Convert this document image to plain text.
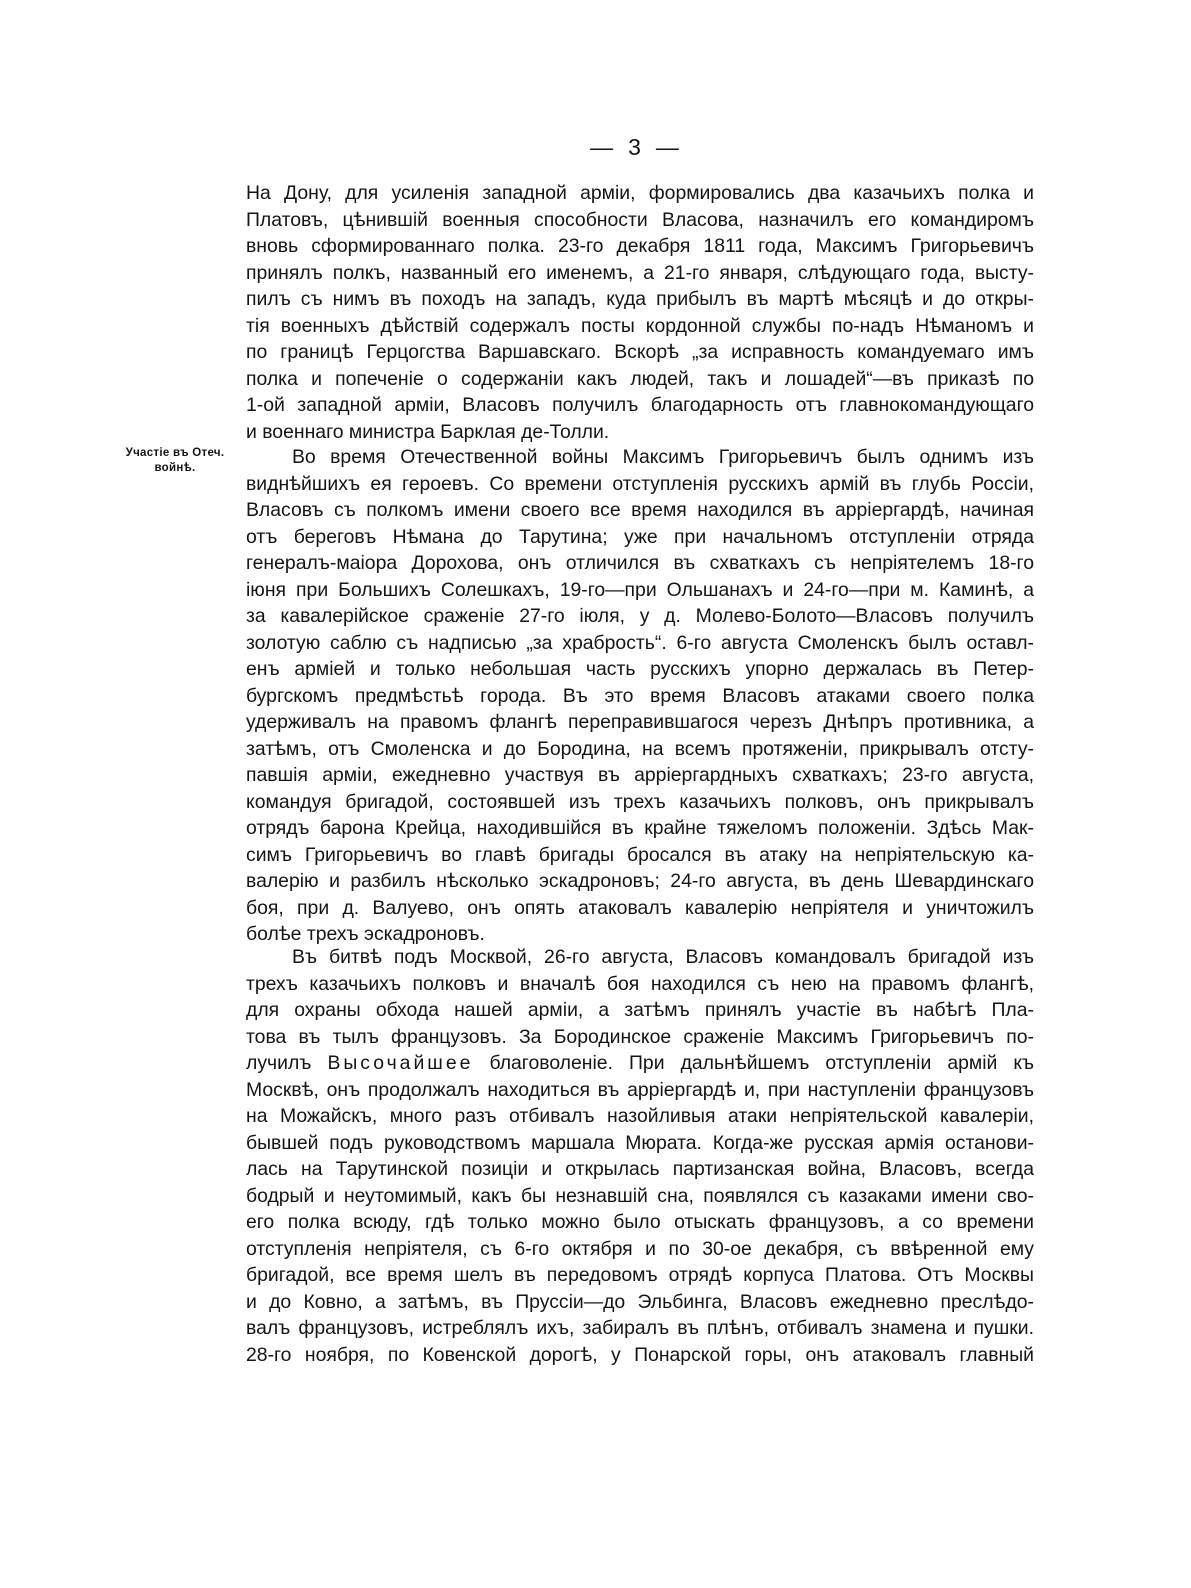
— 3 —
Участіе въ Отеч.
войнѣ.
На Дону, для усиленія западной арміи, формировались два казачьихъ полка и
Платовъ, цѣнившій военныя способности Власова, назначилъ его командиромъ
вновь сформированнаго полка. 23-го декабря 1811 года, Максимъ Григорьевичъ
принялъ полкъ, названный его именемъ, а 21-го января, слѣдующаго года, высту-
пилъ съ нимъ въ походъ на западъ, куда прибылъ въ мартѣ мѣсяцѣ и до откры-
тія военныхъ дѣйствій содержалъ посты кордонной службы по-надъ Нѣманомъ и
по границѣ Герцогства Варшавскаго. Вскорѣ „за исправность командуемаго имъ
полка и попеченіе о содержаніи какъ людей, такъ и лошадей“—въ приказѣ по
1-ой западной арміи, Власовъ получилъ благодарность отъ главнокомандующаго
и военнаго министра Барклая де-Толли.
Во время Отечественной войны Максимъ Григорьевичъ былъ однимъ изъ
виднѣйшихъ ея героевъ. Со времени отступленія русскихъ армій въ глубь Россіи,
Власовъ съ полкомъ имени своего все время находился въ арріергардѣ, начиная
отъ береговъ Нѣмана до Тарутина; уже при начальномъ отступленіи отряда
генералъ-маіора Дорохова, онъ отличился въ схваткахъ съ непріятелемъ 18-го
іюня при Большихъ Солешкахъ, 19-го—при Ольшанахъ и 24-го—при м. Каминѣ, а
за кавалерійское сраженіе 27-го іюля, у д. Молево-Болото—Власовъ получилъ
золотую саблю съ надписью „за храбрость“. 6-го августа Смоленскъ былъ оставл-
енъ арміей и только небольшая часть русскихъ упорно держалась въ Петер-
бургскомъ предмѣстьѣ города. Въ это время Власовъ атаками своего полка
удерживалъ на правомъ флангѣ переправившагося черезъ Днѣпръ противника, а
затѣмъ, отъ Смоленска и до Бородина, на всемъ протяженіи, прикрывалъ отсту-
павшія арміи, ежедневно участвуя въ арріергардныхъ схваткахъ; 23-го августа,
командуя бригадой, состоявшей изъ трехъ казачьихъ полковъ, онъ прикрывалъ
отрядъ барона Крейца, находившійся въ крайне тяжеломъ положеніи. Здѣсь Мак-
симъ Григорьевичъ во главѣ бригады бросался въ атаку на непріятельскую ка-
валерію и разбилъ нѣсколько эскадроновъ; 24-го августа, въ день Шевардинскаго
боя, при д. Валуево, онъ опять атаковалъ кавалерію непріятеля и уничтожилъ
болѣе трехъ эскадроновъ.
Въ битвѣ подъ Москвой, 26-го августа, Власовъ командовалъ бригадой изъ
трехъ казачьихъ полковъ и вначалѣ боя находился съ нею на правомъ флангѣ,
для охраны обхода нашей арміи, а затѣмъ принялъ участіе въ набѣгѣ Пла-
това въ тылъ французовъ. За Бородинское сраженіе Максимъ Григорьевичъ по-
лучилъ Высочайшее благоволеніе. При дальнѣйшемъ отступленіи армій къ
Москвѣ, онъ продолжалъ находиться въ арріергардѣ и, при наступленіи французовъ
на Можайскъ, много разъ отбивалъ назойливыя атаки непріятельской кавалеріи,
бывшей подъ руководствомъ маршала Мюрата. Когда-же русская армія останови-
лась на Тарутинской позиціи и открылась партизанская война, Власовъ, всегда
бодрый и неутомимый, какъ бы незнавшій сна, появлялся съ казаками имени сво-
его полка всюду, гдѣ только можно было отыскать французовъ, а со времени
отступленія непріятеля, съ 6-го октября и по 30-ое декабря, съ ввѣренной ему
бригадой, все время шелъ въ передовомъ отрядѣ корпуса Платова. Отъ Москвы
и до Ковно, а затѣмъ, въ Пруссіи—до Эльбинга, Власовъ ежедневно преслѣдо-
валъ французовъ, истреблялъ ихъ, забиралъ въ плѣнъ, отбивалъ знамена и пушки.
28-го ноября, по Ковенской дорогѣ, у Понарской горы, онъ атаковалъ главный
